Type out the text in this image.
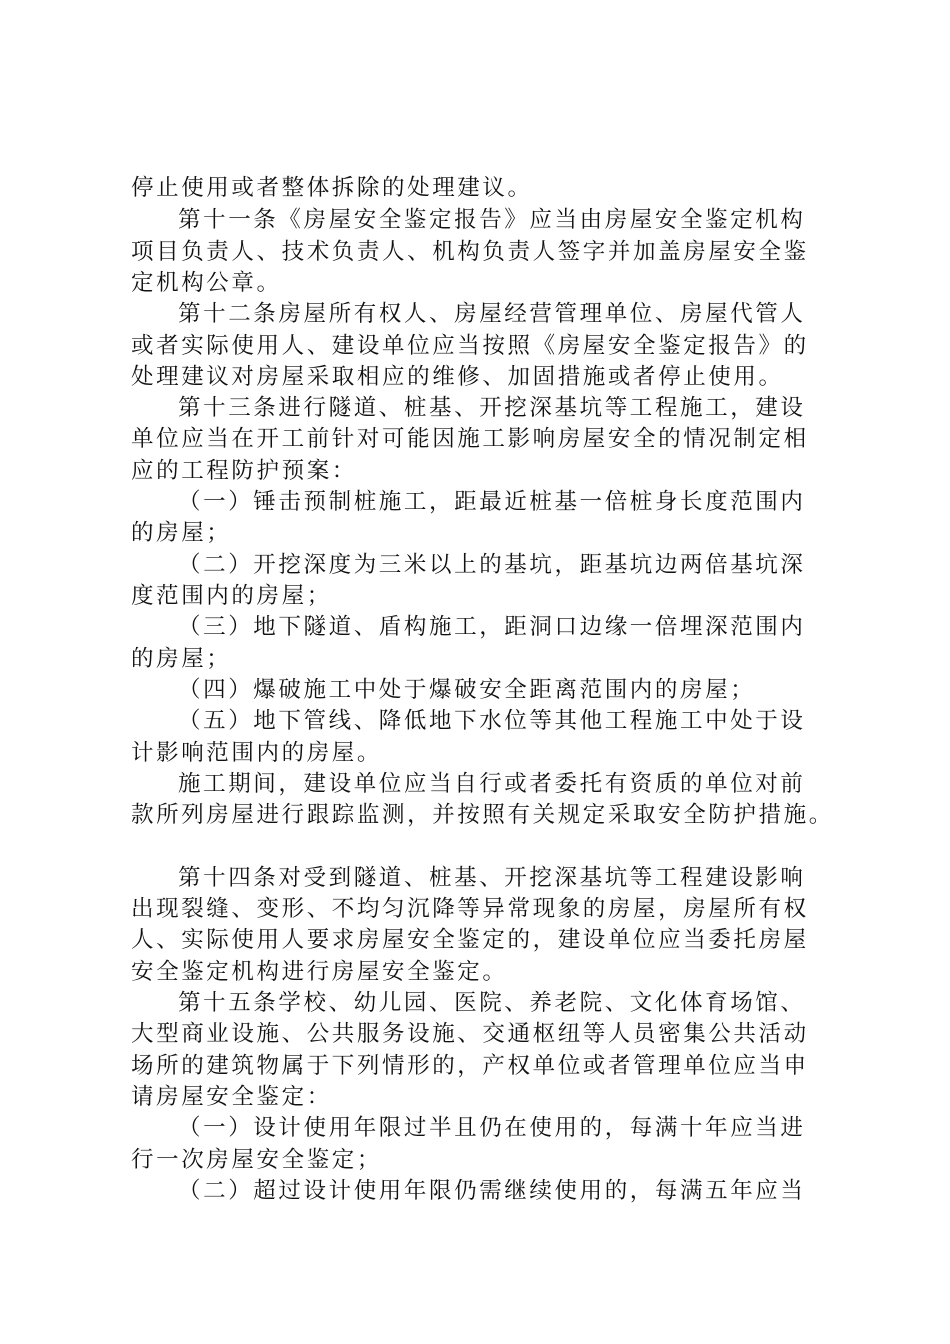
停止使用或者整体拆除的处理建议。
第十一条《房屋安全鉴定报告》应当由房屋安全鉴定机构
项目负责人、技术负责人、机构负责人签字并加盖房屋安全鉴
定机构公章。
第十二条房屋所有权人、房屋经营管理单位、房屋代管人
或者实际使用人、建设单位应当按照《房屋安全鉴定报告》的
处理建议对房屋采取相应的维修、加固措施或者停止使用。
第十三条进行隧道、桩基、开挖深基坑等工程施工，建设
单位应当在开工前针对可能因施工影响房屋安全的情况制定相
应的工程防护预案：
（一）锤击预制桩施工，距最近桩基一倍桩身长度范围内
的房屋；
（二）开挖深度为三米以上的基坑，距基坑边两倍基坑深
度范围内的房屋；
（三）地下隧道、盾构施工，距洞口边缘一倍埋深范围内
的房屋；
（四）爆破施工中处于爆破安全距离范围内的房屋；
（五）地下管线、降低地下水位等其他工程施工中处于设
计影响范围内的房屋。
施工期间，建设单位应当自行或者委托有资质的单位对前
款所列房屋进行跟踪监测，并按照有关规定采取安全防护措施。
第十四条对受到隧道、桩基、开挖深基坑等工程建设影响
出现裂缝、变形、不均匀沉降等异常现象的房屋，房屋所有权
人、实际使用人要求房屋安全鉴定的，建设单位应当委托房屋
安全鉴定机构进行房屋安全鉴定。
第十五条学校、幼儿园、医院、养老院、文化体育场馆、
大型商业设施、公共服务设施、交通枢纽等人员密集公共活动
场所的建筑物属于下列情形的，产权单位或者管理单位应当申
请房屋安全鉴定：
（一）设计使用年限过半且仍在使用的，每满十年应当进
行一次房屋安全鉴定；
（二）超过设计使用年限仍需继续使用的，每满五年应当
